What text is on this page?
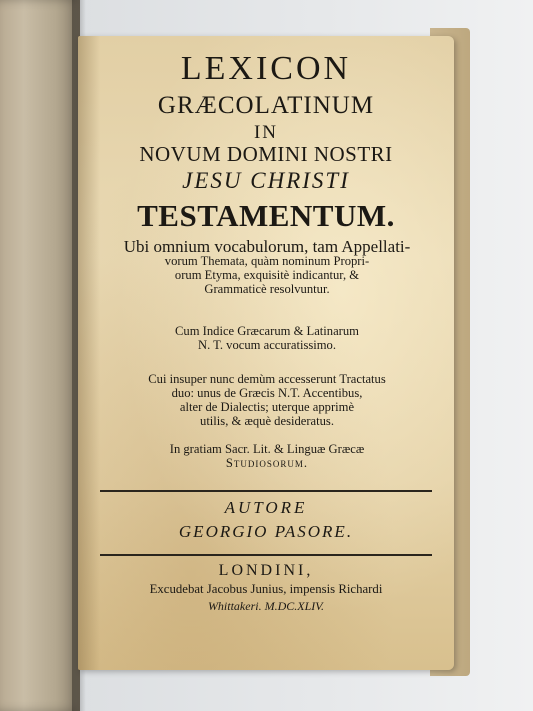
LEXICON
GRÆCOLATINUM
IN
NOVUM DOMINI NOSTRI
JESU CHRISTI
TESTAMENTUM.
Ubi omnium vocabulorum, tam Appellati-
vorum Themata, quàm nominum Propri-
orum Etyma, exquisitè indicantur, &
Grammaticè resolvuntur.
Cum Indice Græcarum & Latinarum
N. T. vocum accuratissimo.
Cui insuper nunc demùm accesserunt Tractatus
duo: unus de Græcis N.T. Accentibus,
alter de Dialectis; uterque apprimè
utilis, & æquè desideratus.
In gratiam Sacr. Lit. & Linguæ Græcæ
Studiosorum.
AUTORE
GEORGIO PASORE.
LONDINI,
Excudebat Jacobus Junius, impensis Richardi
Whittakeri. M.DC.XLIV.
